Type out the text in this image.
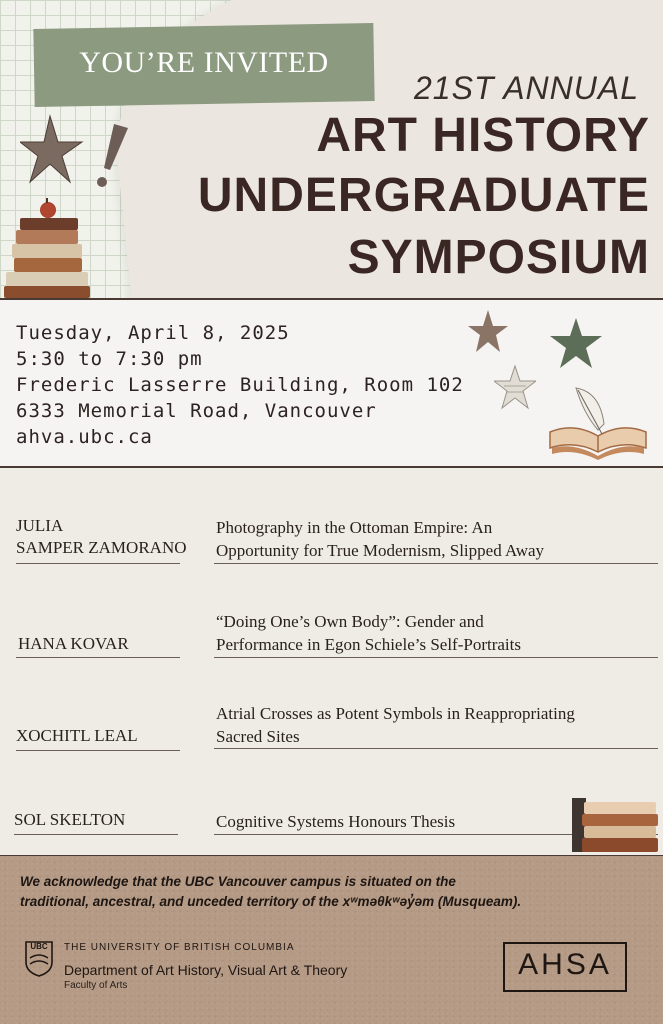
YOU’RE INVITED
21ST ANNUAL
ART HISTORY
UNDERGRADUATE
SYMPOSIUM
Tuesday, April 8, 2025
5:30 to 7:30 pm
Frederic Lasserre Building, Room 102
6333 Memorial Road, Vancouver
ahva.ubc.ca
JULIA
SAMPER ZAMORANO
Photography in the Ottoman Empire: An
Opportunity for True Modernism, Slipped Away
HANA KOVAR
“Doing One’s Own Body”: Gender and
Performance in Egon Schiele’s Self-Portraits
XOCHITL LEAL
Atrial Crosses as Potent Symbols in Reappropriating
Sacred Sites
SOL SKELTON	Cognitive Systems Honours Thesis
We acknowledge that the UBC Vancouver campus is situated on the
traditional, ancestral, and unceded territory of the xʷməθkʷəy̓əm (Musqueam).
UBC	THE UNIVERSITY OF BRITISH COLUMBIA
Department of Art History, Visual Art & Theory
Faculty of Arts
AHSA
